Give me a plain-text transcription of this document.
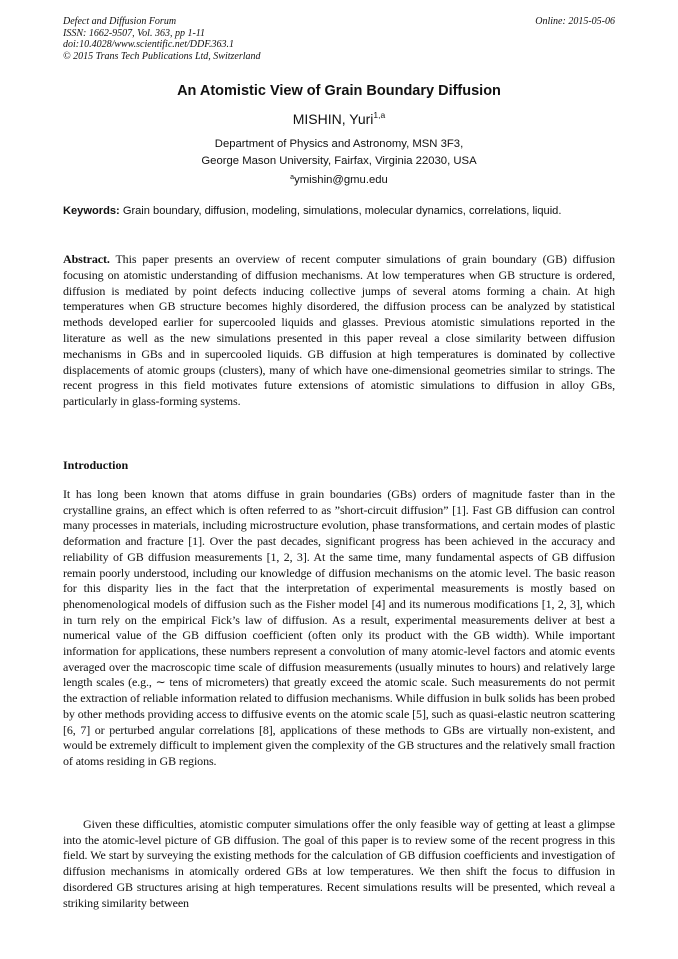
Defect and Diffusion Forum
ISSN: 1662-9507, Vol. 363, pp 1-11
doi:10.4028/www.scientific.net/DDF.363.1
© 2015 Trans Tech Publications Ltd, Switzerland
Online: 2015-05-06
An Atomistic View of Grain Boundary Diffusion
MISHIN, Yuri$^{1,a}$
Department of Physics and Astronomy, MSN 3F3,
George Mason University, Fairfax, Virginia 22030, USA
$^a$ymishin@gmu.edu
Keywords: Grain boundary, diffusion, modeling, simulations, molecular dynamics, correlations, liquid.
Abstract. This paper presents an overview of recent computer simulations of grain boundary (GB) diffusion focusing on atomistic understanding of diffusion mechanisms. At low temperatures when GB structure is ordered, diffusion is mediated by point defects inducing collective jumps of several atoms forming a chain. At high temperatures when GB structure becomes highly disordered, the diffusion process can be analyzed by statistical methods developed earlier for supercooled liquids and glasses. Previous atomistic simulations reported in the literature as well as the new simulations presented in this paper reveal a close similarity between diffusion mechanisms in GBs and in supercooled liquids. GB diffusion at high temperatures is dominated by collective displacements of atomic groups (clusters), many of which have one-dimensional geometries similar to strings. The recent progress in this field motivates future extensions of atomistic simulations to diffusion in alloy GBs, particularly in glass-forming systems.
Introduction

It has long been known that atoms diffuse in grain boundaries (GBs) orders of magnitude faster than in the crystalline grains, an effect which is often referred to as ”short-circuit diffusion” [1]. Fast GB diffusion can control many processes in materials, including microstructure evolution, phase transformations, and certain modes of plastic deformation and fracture [1]. Over the past decades, significant progress has been achieved in the accuracy and reliability of GB diffusion measurements [1, 2, 3]. At the same time, many fundamental aspects of GB diffusion remain poorly understood, including our knowledge of diffusion mechanisms on the atomic level. The basic reason for this disparity lies in the fact that the interpretation of experimental measurements is mostly based on phenomenological models of diffusion such as the Fisher model [4] and its numerous modifications [1, 2, 3], which in turn rely on the empirical Fick’s law of diffusion. As a result, experimental measurements deliver at best a numerical value of the GB diffusion coefficient (often only its product with the GB width). While important information for applications, these numbers represent a convolution of many atomic-level factors and atomic events averaged over the macroscopic time scale of diffusion measurements (usually minutes to hours) and relatively large length scales (e.g., ∼ tens of micrometers) that greatly exceed the atomic scale. Such measurements do not permit the extraction of reliable information related to diffusion mechanisms. While diffusion in bulk solids has been probed by other methods providing access to diffusive events on the atomic scale [5], such as quasi-elastic neutron scattering [6, 7] or perturbed angular correlations [8], applications of these methods to GBs are virtually non-existent, and would be extremely difficult to implement given the complexity of the GB structures and the relatively small fraction of atoms residing in GB regions.

Given these difficulties, atomistic computer simulations offer the only feasible way of getting at least a glimpse into the atomic-level picture of GB diffusion. The goal of this paper is to review some of the recent progress in this field. We start by surveying the existing methods for the calculation of GB diffusion coefficients and investigation of diffusion mechanisms in atomically ordered GBs at low temperatures. We then shift the focus to diffusion in disordered GB structures arising at high temperatures. Recent simulations results will be presented, which reveal a striking similarity between
